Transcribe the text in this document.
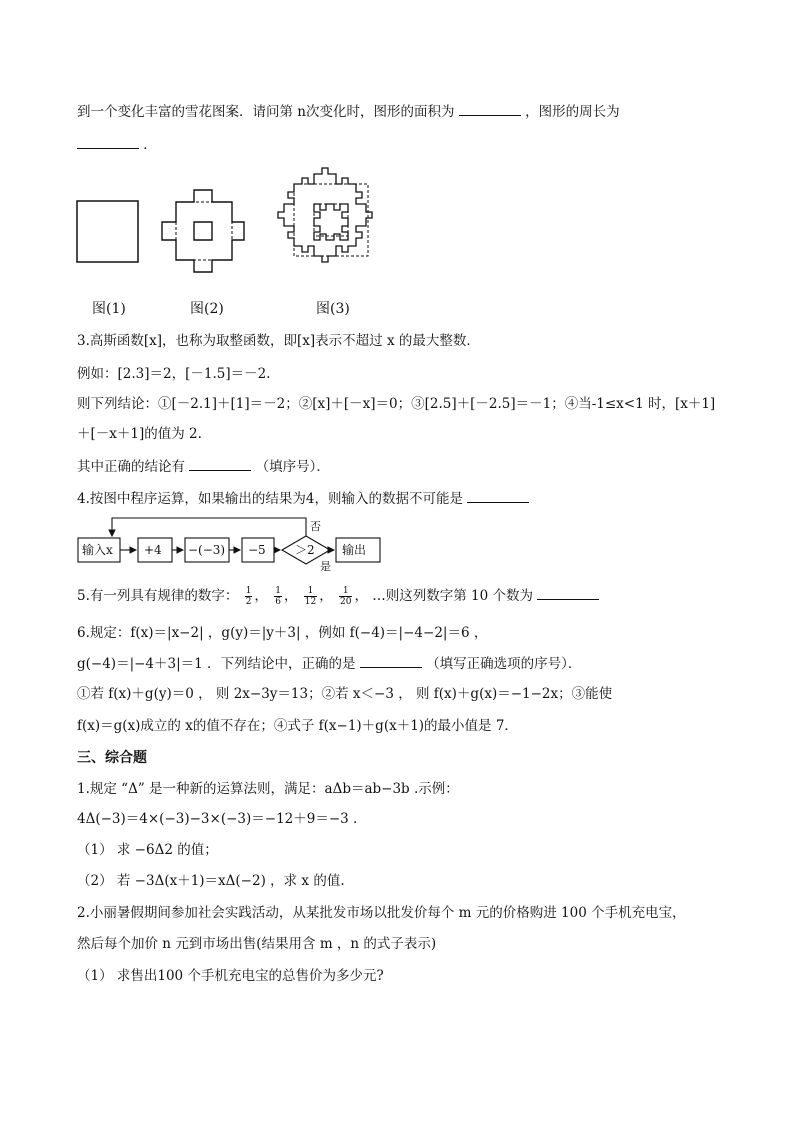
到一个变化丰富的雪花图案．请问第 n次变化时，图形的面积为	，图形的周长为
．
图(1)	图(2)	图(3)
3.高斯函数[x]，也称为取整函数，即[x]表示不超过 x 的最大整数．
例如：[2.3]＝2，[－1.5]＝－2.
则下列结论：①[－2.1]＋[1]＝－2；②[x]＋[－x]＝0；③[2.5]＋[－2.5]＝－1；④当-1≤x<1 时，[x＋1]
＋[－x＋1]的值为 2.
其中正确的结论有	（填序号）．
4.按图中程序运算，如果输出的结果为4，则输入的数据不可能是
输入x	+4 −(−3) −5 ＞2 输出
否
是
5.有一列具有规律的数字： $\frac{1}{2}$ ， $\frac{1}{6}$ ， $\frac{1}{12}$ ， $\frac{1}{20}$ ， …则这列数字第 10 个数为
6.规定：f(x)＝|x−2| ，g(y)＝|y＋3| ，例如 f(−4)＝|−4−2|＝6 ，
g(−4)＝|−4＋3|＝1 ．下列结论中，正确的是	（填写正确选项的序号）．
①若 f(x)＋g(y)＝0 ， 则 2x−3y＝13；②若 x＜−3 ， 则 f(x)＋g(x)＝−1−2x；③能使
f(x)＝g(x)成立的 x的值不存在；④式子 f(x−1)＋g(x＋1)的最小值是 7．
三、综合题
1.规定 “Δ” 是一种新的运算法则，满足：aΔb＝ab−3b .示例：
4Δ(−3)＝4×(−3)−3×(−3)＝−12＋9＝−3 .
（1） 求 −6Δ2 的值；
（2） 若 −3Δ(x＋1)＝xΔ(−2) ，求 x 的值.
2.小丽暑假期间参加社会实践活动，从某批发市场以批发价每个 m 元的价格购进 100 个手机充电宝，
然后每个加价 n 元到市场出售(结果用含 m ，n 的式子表示)
（1） 求售出100 个手机充电宝的总售价为多少元?
